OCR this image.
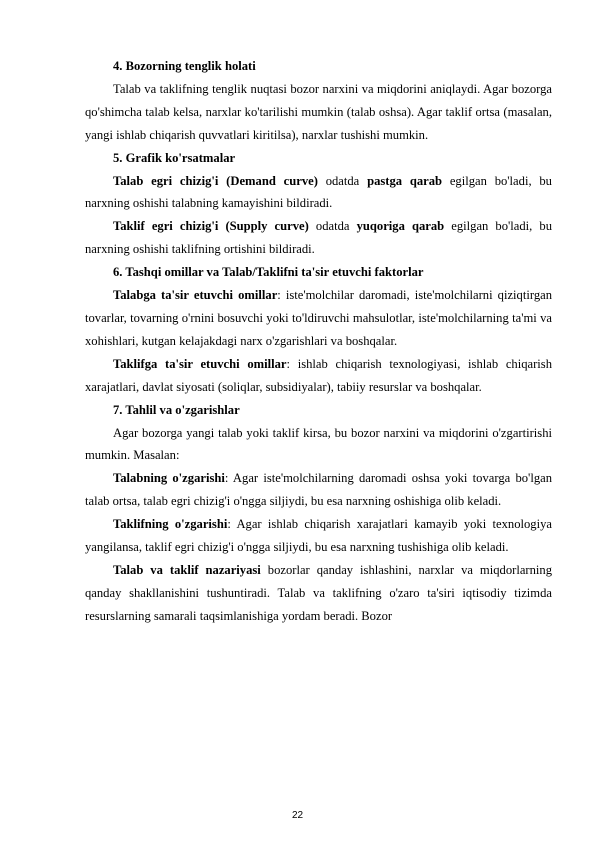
4. Bozorning tenglik holati

Talab va taklifning tenglik nuqtasi bozor narxini va miqdorini aniqlaydi. Agar bozorga qo'shimcha talab kelsa, narxlar ko'tarilishi mumkin (talab oshsa). Agar taklif ortsa (masalan, yangi ishlab chiqarish quvvatlari kiritilsa), narxlar tushishi mumkin.

5. Grafik ko'rsatmalar

Talab egri chizig'i (Demand curve) odatda pastga qarab egilgan bo'ladi, bu narxning oshishi talabning kamayishini bildiradi.

Taklif egri chizig'i (Supply curve) odatda yuqoriga qarab egilgan bo'ladi, bu narxning oshishi taklifning ortishini bildiradi.

6. Tashqi omillar va Talab/Taklifni ta'sir etuvchi faktorlar

Talabga ta'sir etuvchi omillar: iste'molchilar daromadi, iste'molchilarni qiziqtirgan tovarlar, tovarning o'rnini bosuvchi yoki to'ldiruvchi mahsulotlar, iste'molchilarning ta'mi va xohishlari, kutgan kelajakdagi narx o'zgarishlari va boshqalar.

Taklifga ta'sir etuvchi omillar: ishlab chiqarish texnologiyasi, ishlab chiqarish xarajatlari, davlat siyosati (soliqlar, subsidiyalar), tabiiy resurslar va boshqalar.

7. Tahlil va o'zgarishlar

Agar bozorga yangi talab yoki taklif kirsa, bu bozor narxini va miqdorini o'zgartirishi mumkin. Masalan:

Talabning o'zgarishi: Agar iste'molchilarning daromadi oshsa yoki tovarga bo'lgan talab ortsa, talab egri chizig'i o'ngga siljiydi, bu esa narxning oshishiga olib keladi.

Taklifning o'zgarishi: Agar ishlab chiqarish xarajatlari kamayib yoki texnologiya yangilansa, taklif egri chizig'i o'ngga siljiydi, bu esa narxning tushishiga olib keladi.

Talab va taklif nazariyasi bozorlar qanday ishlashini, narxlar va miqdorlarning qanday shakllanishini tushuntiradi. Talab va taklifning o'zaro ta'siri iqtisodiy tizimda resurslarning samarali taqsimlanishiga yordam beradi. Bozor

22
